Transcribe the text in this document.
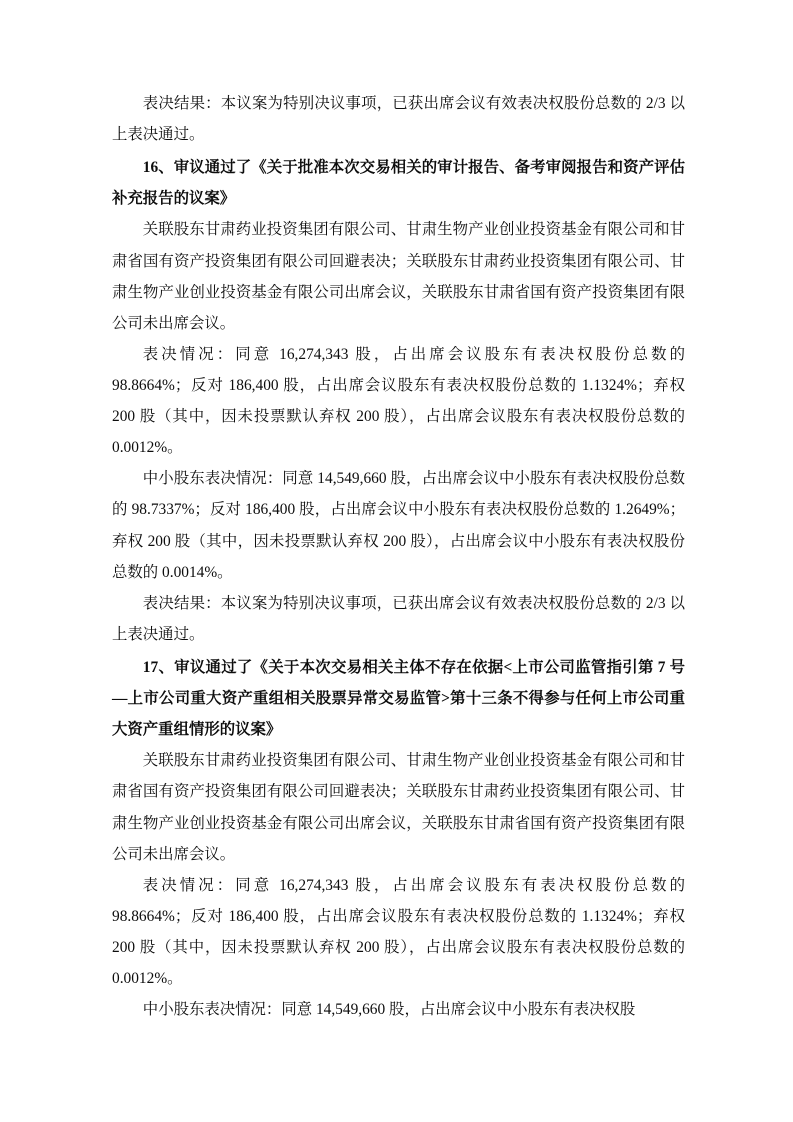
表决结果：本议案为特别决议事项，已获出席会议有效表决权股份总数的 2/3 以上表决通过。

16、审议通过了《关于批准本次交易相关的审计报告、备考审阅报告和资产评估补充报告的议案》

关联股东甘肃药业投资集团有限公司、甘肃生物产业创业投资基金有限公司和甘肃省国有资产投资集团有限公司回避表决；关联股东甘肃药业投资集团有限公司、甘肃生物产业创业投资基金有限公司出席会议，关联股东甘肃省国有资产投资集团有限公司未出席会议。

表决情况：同意 16,274,343 股，占出席会议股东有表决权股份总数的 98.8664%；反对 186,400 股，占出席会议股东有表决权股份总数的 1.1324%；弃权 200 股（其中，因未投票默认弃权 200 股），占出席会议股东有表决权股份总数的 0.0012%。

中小股东表决情况：同意 14,549,660 股，占出席会议中小股东有表决权股份总数的 98.7337%；反对 186,400 股，占出席会议中小股东有表决权股份总数的 1.2649%；弃权 200 股（其中，因未投票默认弃权 200 股），占出席会议中小股东有表决权股份总数的 0.0014%。

表决结果：本议案为特别决议事项，已获出席会议有效表决权股份总数的 2/3 以上表决通过。

17、审议通过了《关于本次交易相关主体不存在依据<上市公司监管指引第 7 号—上市公司重大资产重组相关股票异常交易监管>第十三条不得参与任何上市公司重大资产重组情形的议案》

关联股东甘肃药业投资集团有限公司、甘肃生物产业创业投资基金有限公司和甘肃省国有资产投资集团有限公司回避表决；关联股东甘肃药业投资集团有限公司、甘肃生物产业创业投资基金有限公司出席会议，关联股东甘肃省国有资产投资集团有限公司未出席会议。

表决情况：同意 16,274,343 股，占出席会议股东有表决权股份总数的 98.8664%；反对 186,400 股，占出席会议股东有表决权股份总数的 1.1324%；弃权 200 股（其中，因未投票默认弃权 200 股），占出席会议股东有表决权股份总数的 0.0012%。

中小股东表决情况：同意 14,549,660 股，占出席会议中小股东有表决权股
